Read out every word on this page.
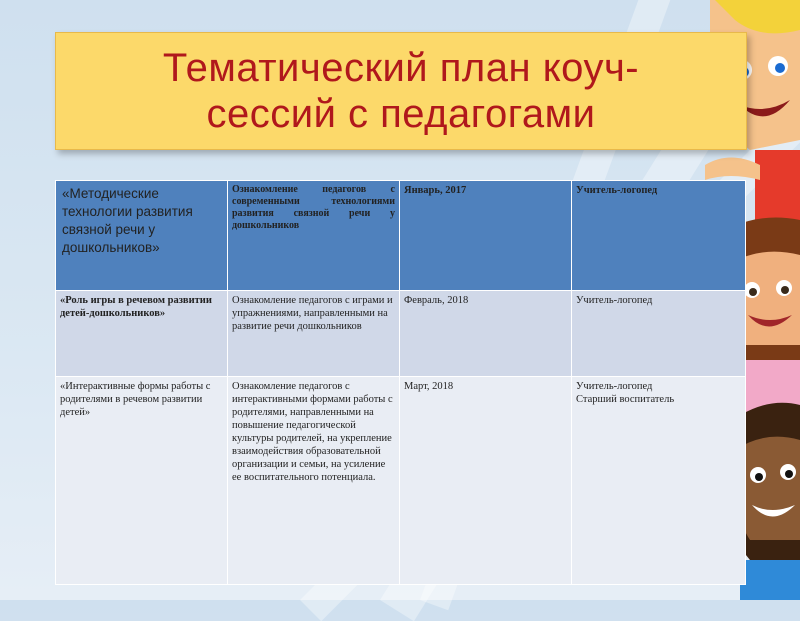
Тематический план коуч-
сессий с педагогами
«Методические технологии развития связной речи у дошкольников»	Ознакомление педагогов с современными технологиями развития связной речи у дошкольников	Январь, 2017	Учитель-логопед

«Роль игры в речевом развитии детей-дошкольников»	Ознакомление педагогов с играми и упражнениями, направленными на развитие речи дошкольников	Февраль, 2018	Учитель-логопед

«Интерактивные формы работы с родителями в речевом развитии детей»	Ознакомление педагогов с интерактивными формами работы с родителями, направленными на повышение педагогической культуры родителей, на укрепление взаимодействия образовательной организации и семьи, на усиление ее воспитательного потенциала.	Март, 2018	Учитель-логопед
Старший воспитатель
